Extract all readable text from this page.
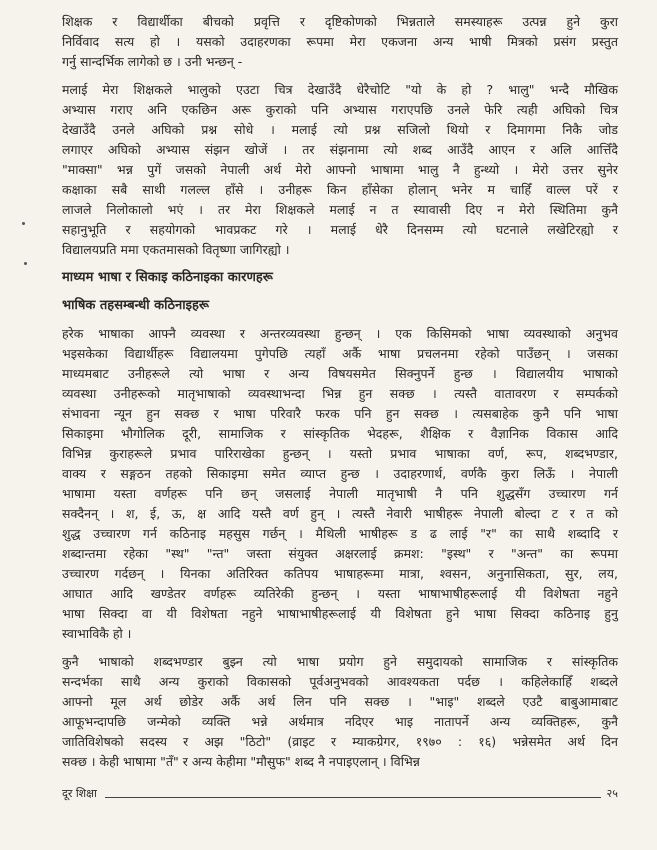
शिक्षक र विद्यार्थीका बीचको प्रवृत्ति र दृष्टिकोणको भिन्नताले समस्याहरू उत्पन्न हुने कुरा
निर्विवाद सत्य हो । यसको उदाहरणका रूपमा मेरा एकजना अन्य भाषी मित्रको प्रसंग प्रस्तुत
गर्नु सान्दर्भिक लागेको छ । उनी भन्छन् -
मलाई मेरा शिक्षकले भालुको एउटा चित्र देखाउँदै धेरैचोटि "यो के हो ? भालु" भन्दै मौखिक
अभ्यास गराए अनि एकछिन अरू कुराको पनि अभ्यास गराएपछि उनले फेरि त्यही अघिको चित्र
देखाउँदै उनले अघिको प्रश्न सोधे । मलाई त्यो प्रश्न सजिलो थियो र दिमागमा निकै जोड
लगाएर अघिको अभ्यास संझन खोजें । तर संझनामा त्यो शब्द आउँदै आएन र अलि आत्तिँदै
"माक्सा" भन्न पुगें जसको नेपाली अर्थ मेरो आफ्नो भाषामा भालु नै हुन्थ्यो । मेरो उत्तर सुनेर
कक्षाका सबै साथी गलल्ल हाँसे । उनीहरू किन हाँसेका होलान् भनेर म चाहिँ वाल्ल परें र
लाजले निलोकालो भएं । तर मेरा शिक्षकले मलाई न त स्यावासी दिए न मेरो स्थितिमा कुनै
सहानुभूति र सहयोगको भावप्रकट गरे । मलाई धेरै दिनसम्म त्यो घटनाले लखेटिरह्यो र
विद्यालयप्रति ममा एकतमासको वितृष्णा जागिरह्यो ।
माध्यम भाषा र सिकाइ कठिनाइका कारणहरू
भाषिक तहसम्बन्धी कठिनाइहरू
हरेक भाषाका आफ्नै व्यवस्था र अन्तरव्यवस्था हुन्छन् । एक किसिमको भाषा व्यवस्थाको अनुभव
भइसकेका विद्यार्थीहरू विद्यालयमा पुगेपछि त्यहाँ अर्कै भाषा प्रचलनमा रहेको पाउँछन् । जसका
माध्यमबाट उनीहरूले त्यो भाषा र अन्य विषयसमेत सिक्नुपर्ने हुन्छ । विद्यालयीय भाषाको
व्यवस्था उनीहरूको मातृभाषाको व्यवस्थाभन्दा भिन्न हुन सक्छ । त्यस्तै वातावरण र सम्पर्कको
संभावना न्यून हुन सक्छ र भाषा परिवारै फरक पनि हुन सक्छ । त्यसबाहेक कुनै पनि भाषा
सिकाइमा भौगोलिक दूरी, सामाजिक र सांस्कृतिक भेदहरू, शैक्षिक र वैज्ञानिक विकास आदि
विभिन्न कुराहरूले प्रभाव पारिराखेका हुन्छन् । यस्तो प्रभाव भाषाका वर्ण, रूप, शब्दभण्डार,
वाक्य र सङ्गठन तहको सिकाइमा समेत व्याप्त हुन्छ । उदाहरणार्थ, वर्णकै कुरा लिऊँ । नेपाली
भाषामा यस्ता वर्णहरू पनि छन् जसलाई नेपाली मातृभाषी नै पनि शुद्धसँग उच्चारण गर्न
सक्दैनन् । श, ई, ऊ, क्ष आदि यस्तै वर्ण हुन् । त्यस्तै नेवारी भाषीहरू नेपाली बोल्दा ट र त को
शुद्ध उच्चारण गर्न कठिनाइ महसुस गर्छन् । मैथिली भाषीहरू ड ढ लाई "र" का साथै शब्दादि र
शब्दान्तमा रहेका "स्थ" "न्त" जस्ता संयुक्त अक्षरलाई क्रमश: "इस्थ" र "अन्त" का रूपमा
उच्चारण गर्दछन् । यिनका अतिरिक्त कतिपय भाषाहरूमा मात्रा, श्वसन, अनुनासिकता, सुर, लय,
आघात आदि खण्डेतर वर्णहरू व्यतिरेकी हुन्छन् । यस्ता भाषाभाषीहरूलाई यी विशेषता नहुने
भाषा सिक्दा वा यी विशेषता नहुने भाषाभाषीहरूलाई यी विशेषता हुने भाषा सिक्दा कठिनाइ हुनु
स्वाभाविकै हो ।
कुनै भाषाको शब्दभण्डार बुझ्न त्यो भाषा प्रयोग हुने समुदायको सामाजिक र सांस्कृतिक
सन्दर्भका साथै अन्य कुराको विकासको पूर्वअनुभवको आवश्यकता पर्दछ । कहिलेकाहिँ शब्दले
आफ्नो मूल अर्थ छोडेर अर्कै अर्थ लिन पनि सक्छ । "भाइ" शब्दले एउटै बाबुआमाबाट
आफूभन्दापछि जन्मेको व्यक्ति भन्ने अर्थमात्र नदिएर भाइ नातापर्ने अन्य व्यक्तिहरू, कुनै
जातिविशेषको सदस्य र अझ "ठिटो" (व्राइट र म्याकग्रेगर, १९७० : १६) भन्नेसमेत अर्थ दिन
सक्छ । केही भाषामा "तँ" र अन्य केहीमा "मौसुफ" शब्द नै नपाइएलान् । विभिन्न
दूर शिक्षा	२५
